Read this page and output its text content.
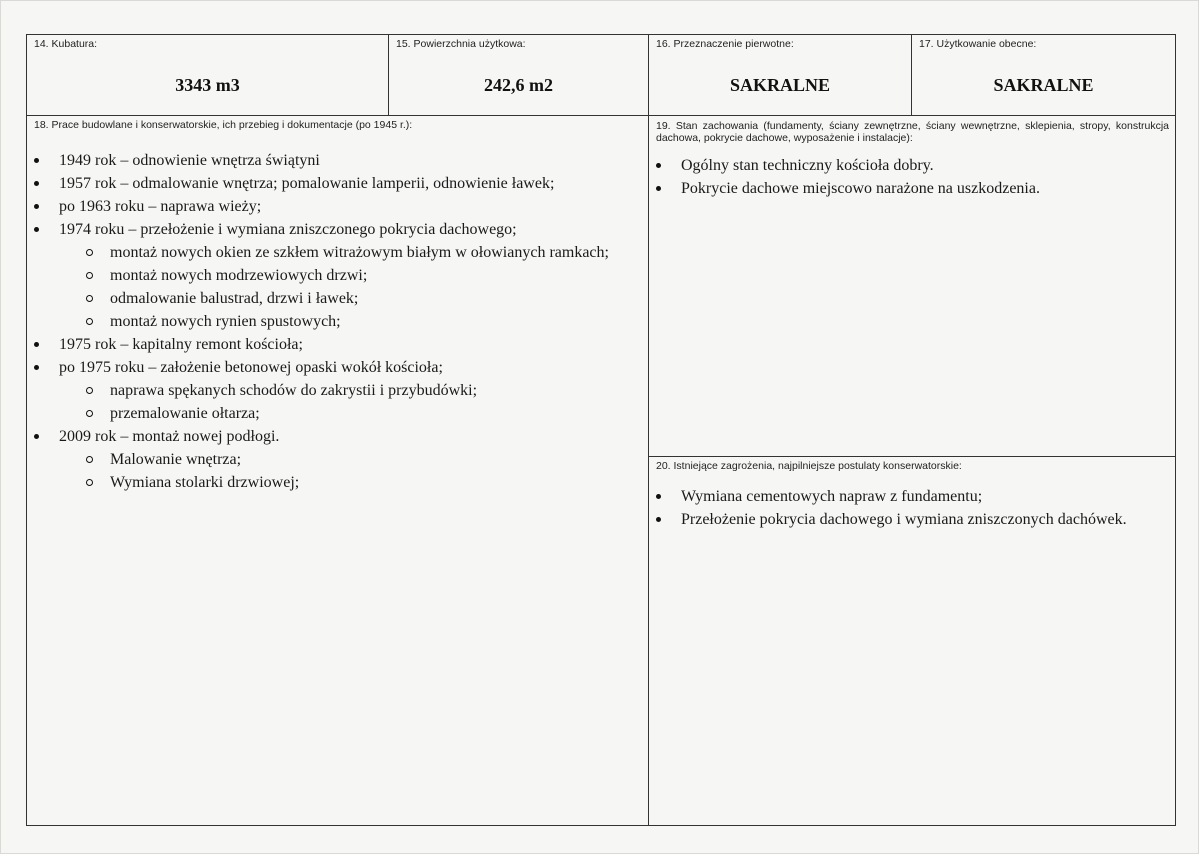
14. Kubatura:
3343 m3
15. Powierzchnia użytkowa:
242,6 m2
16. Przeznaczenie pierwotne:
SAKRALNE
17. Użytkowanie obecne:
SAKRALNE
18. Prace budowlane i konserwatorskie, ich przebieg i dokumentacje (po 1945 r.):
1949 rok – odnowienie wnętrza świątyni
1957 rok – odmalowanie wnętrza; pomalowanie lamperii, odnowienie ławek;
po 1963 roku – naprawa wieży;
1974 roku – przełożenie i wymiana zniszczonego pokrycia dachowego;
montaż nowych okien ze szkłem witrażowym białym w ołowianych ramkach;
montaż nowych modrzewiowych drzwi;
odmalowanie balustrad, drzwi i ławek;
montaż nowych rynien spustowych;
1975 rok – kapitalny remont kościoła;
po 1975 roku – założenie betonowej opaski wokół kościoła;
naprawa spękanych schodów do zakrystii i przybudówki;
przemalowanie ołtarza;
2009 rok – montaż nowej podłogi.
Malowanie wnętrza;
Wymiana stolarki drzwiowej;
19. Stan zachowania (fundamenty, ściany zewnętrzne, ściany wewnętrzne, sklepienia, stropy, konstrukcja dachowa, pokrycie dachowe, wyposażenie i instalacje):
Ogólny stan techniczny kościoła dobry.
Pokrycie dachowe miejscowo narażone na uszkodzenia.
20. Istniejące zagrożenia, najpilniejsze postulaty konserwatorskie:
Wymiana cementowych napraw z fundamentu;
Przełożenie pokrycia dachowego i wymiana zniszczonych dachówek.
